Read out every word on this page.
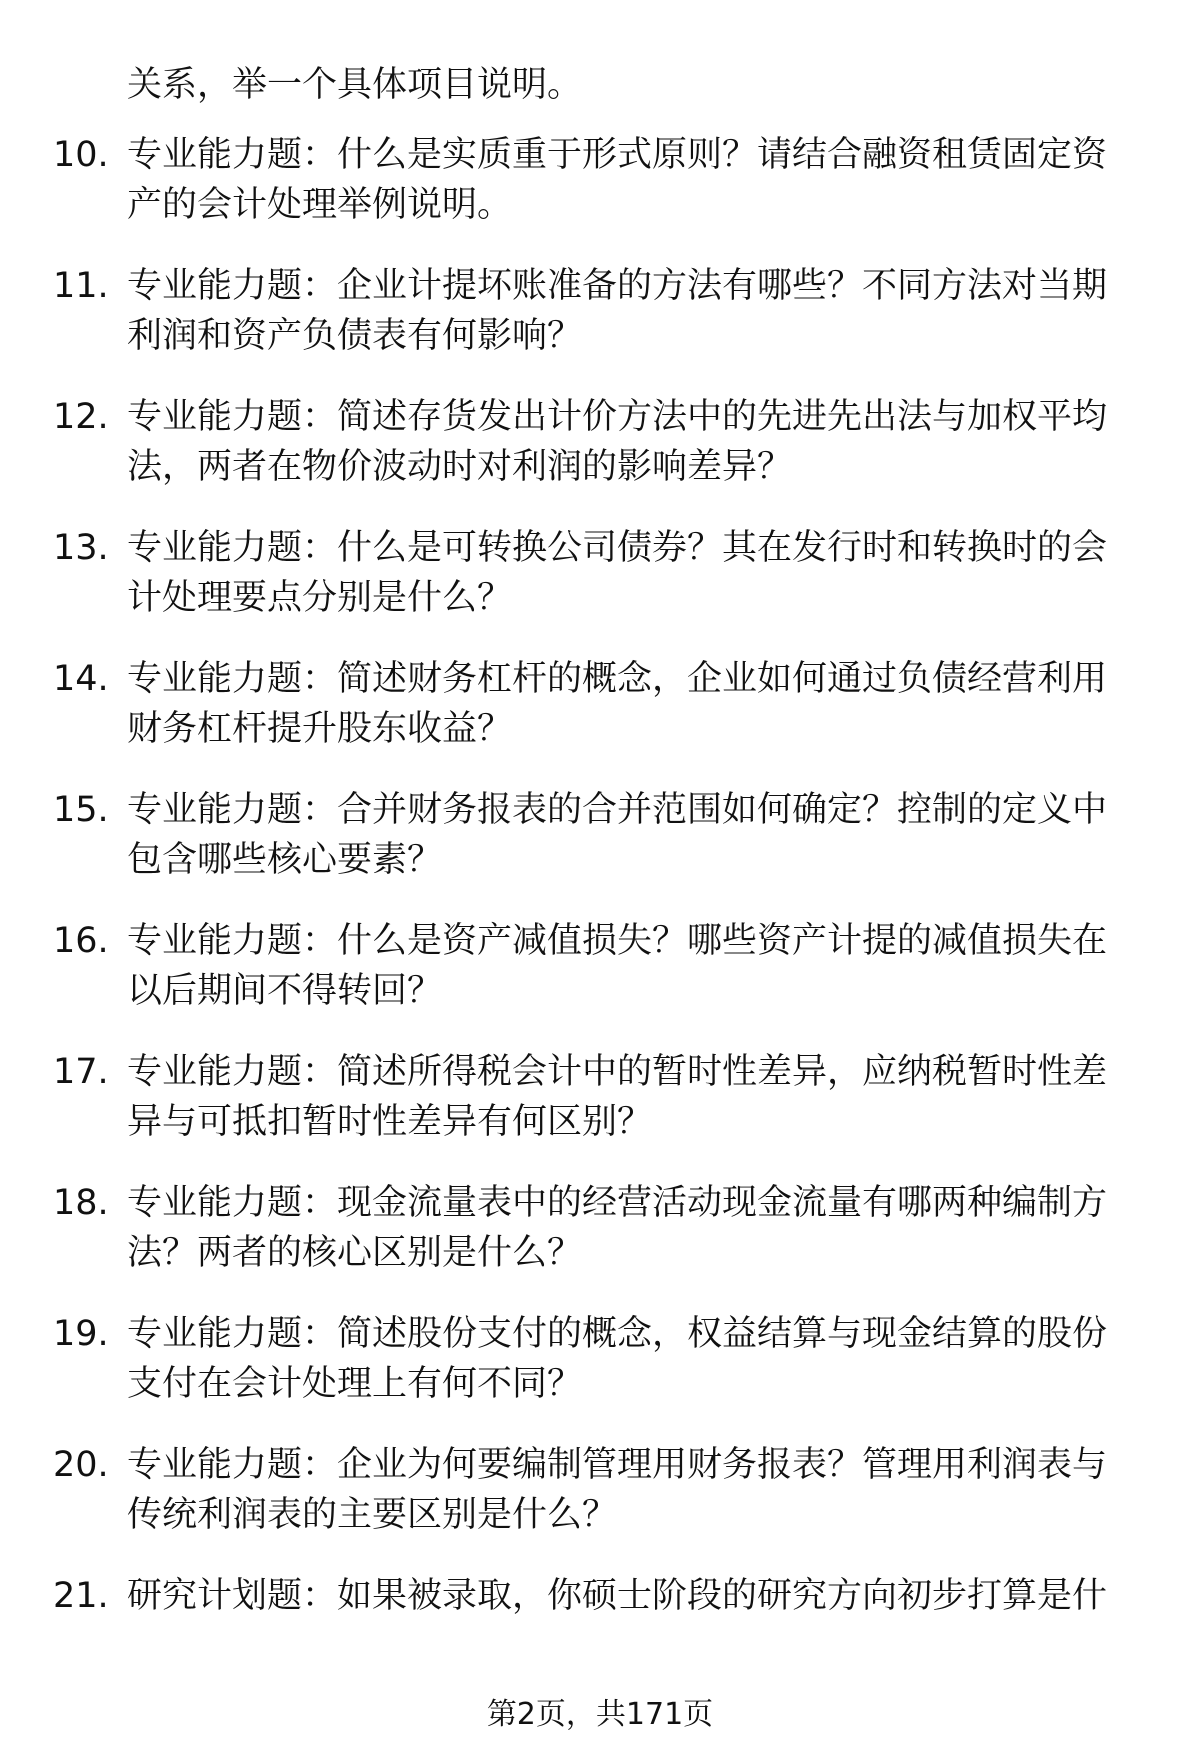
关系，举一个具体项目说明。
10. 专业能力题：什么是实质重于形式原则？请结合融资租赁固定资
产的会计处理举例说明。
11. 专业能力题：企业计提坏账准备的方法有哪些？不同方法对当期
利润和资产负债表有何影响？
12. 专业能力题：简述存货发出计价方法中的先进先出法与加权平均
法，两者在物价波动时对利润的影响差异？
13. 专业能力题：什么是可转换公司债券？其在发行时和转换时的会
计处理要点分别是什么？
14. 专业能力题：简述财务杠杆的概念，企业如何通过负债经营利用
财务杠杆提升股东收益？
15. 专业能力题：合并财务报表的合并范围如何确定？控制的定义中
包含哪些核心要素？
16. 专业能力题：什么是资产减值损失？哪些资产计提的减值损失在
以后期间不得转回？
17. 专业能力题：简述所得税会计中的暂时性差异，应纳税暂时性差
异与可抵扣暂时性差异有何区别？
18. 专业能力题：现金流量表中的经营活动现金流量有哪两种编制方
法？两者的核心区别是什么？
19. 专业能力题：简述股份支付的概念，权益结算与现金结算的股份
支付在会计处理上有何不同？
20. 专业能力题：企业为何要编制管理用财务报表？管理用利润表与
传统利润表的主要区别是什么？
21. 研究计划题：如果被录取，你硕士阶段的研究方向初步打算是什
第2页，共171页
